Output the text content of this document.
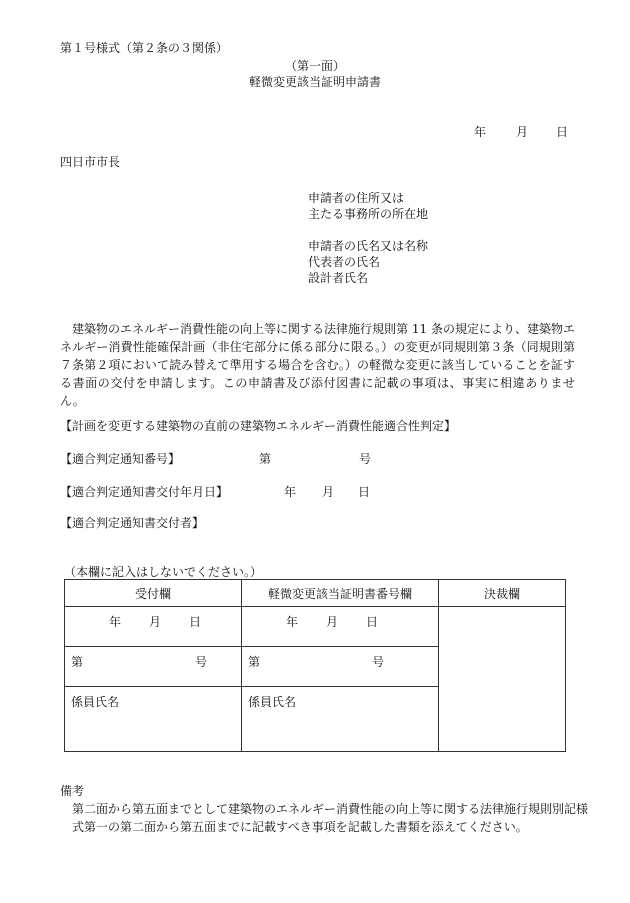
第１号様式（第２条の３関係）
（第一面）
軽微変更該当証明申請書
年	月 日
四日市市長
申請者の住所又は
主たる事務所の所在地
申請者の氏名又は名称
代表者の氏名
設計者氏名
建築物のエネルギー消費性能の向上等に関する法律施行規則第 11 条の規定により、建築物エネルギー消費性能確保計画（非住宅部分に係る部分に限る。）の変更が同規則第３条（同規則第７条第２項において読み替えて準用する場合を含む。）の軽微な変更に該当していることを証する書面の交付を申請します。この申請書及び添付図書に記載の事項は、事実に相違ありません。
【計画を変更する建築物の直前の建築物エネルギー消費性能適合性判定】
【適合判定通知番号】	第	号
【適合判定通知書交付年月日】	年 月 日
【適合判定通知書交付者】
（本欄に記入はしないでください。）
受付欄	軽微変更該当証明書番号欄	決裁欄
年 月 日	年 月 日	
第 号	第 号	
係員氏名	係員氏名	
備考
第二面から第五面までとして建築物のエネルギー消費性能の向上等に関する法律施行規則別記様式第一の第二面から第五面までに記載すべき事項を記載した書類を添えてください。
